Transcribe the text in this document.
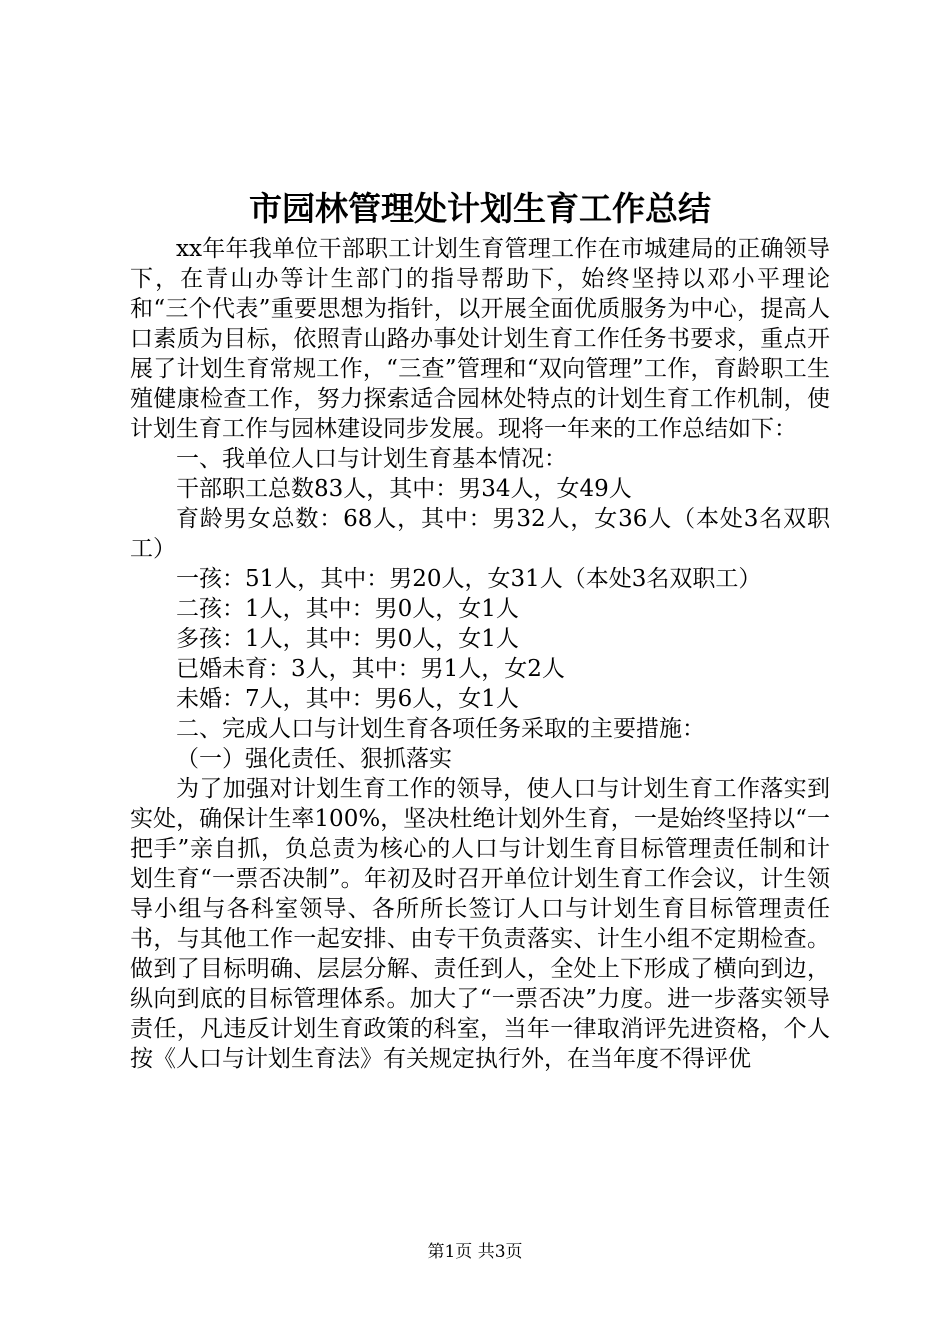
市园林管理处计划生育工作总结

xx年年我单位干部职工计划生育管理工作在市城建局的正确领导下，在青山办等计生部门的指导帮助下，始终坚持以邓小平理论和“三个代表”重要思想为指针，以开展全面优质服务为中心，提高人口素质为目标，依照青山路办事处计划生育工作任务书要求，重点开展了计划生育常规工作，“三查”管理和“双向管理”工作，育龄职工生殖健康检查工作，努力探索适合园林处特点的计划生育工作机制，使计划生育工作与园林建设同步发展。现将一年来的工作总结如下：

一、我单位人口与计划生育基本情况：

干部职工总数83人，其中：男34人，女49人

育龄男女总数：68人，其中：男32人，女36人（本处3名双职工）

一孩：51人，其中：男20人，女31人（本处3名双职工）

二孩：1人，其中：男0人，女1人

多孩：1人，其中：男0人，女1人

已婚未育：3人，其中：男1人，女2人

未婚：7人，其中：男6人，女1人

二、完成人口与计划生育各项任务采取的主要措施：

（一）强化责任、狠抓落实

为了加强对计划生育工作的领导，使人口与计划生育工作落实到实处，确保计生率100%，坚决杜绝计划外生育，一是始终坚持以“一把手”亲自抓，负总责为核心的人口与计划生育目标管理责任制和计划生育“一票否决制”。年初及时召开单位计划生育工作会议，计生领导小组与各科室领导、各所所长签订人口与计划生育目标管理责任书，与其他工作一起安排、由专干负责落实、计生小组不定期检查。做到了目标明确、层层分解、责任到人，全处上下形成了横向到边，纵向到底的目标管理体系。加大了“一票否决”力度。进一步落实领导责任，凡违反计划生育政策的科室，当年一律取消评先进资格，个人按《人口与计划生育法》有关规定执行外，在当年度不得评优

第1页 共3页
